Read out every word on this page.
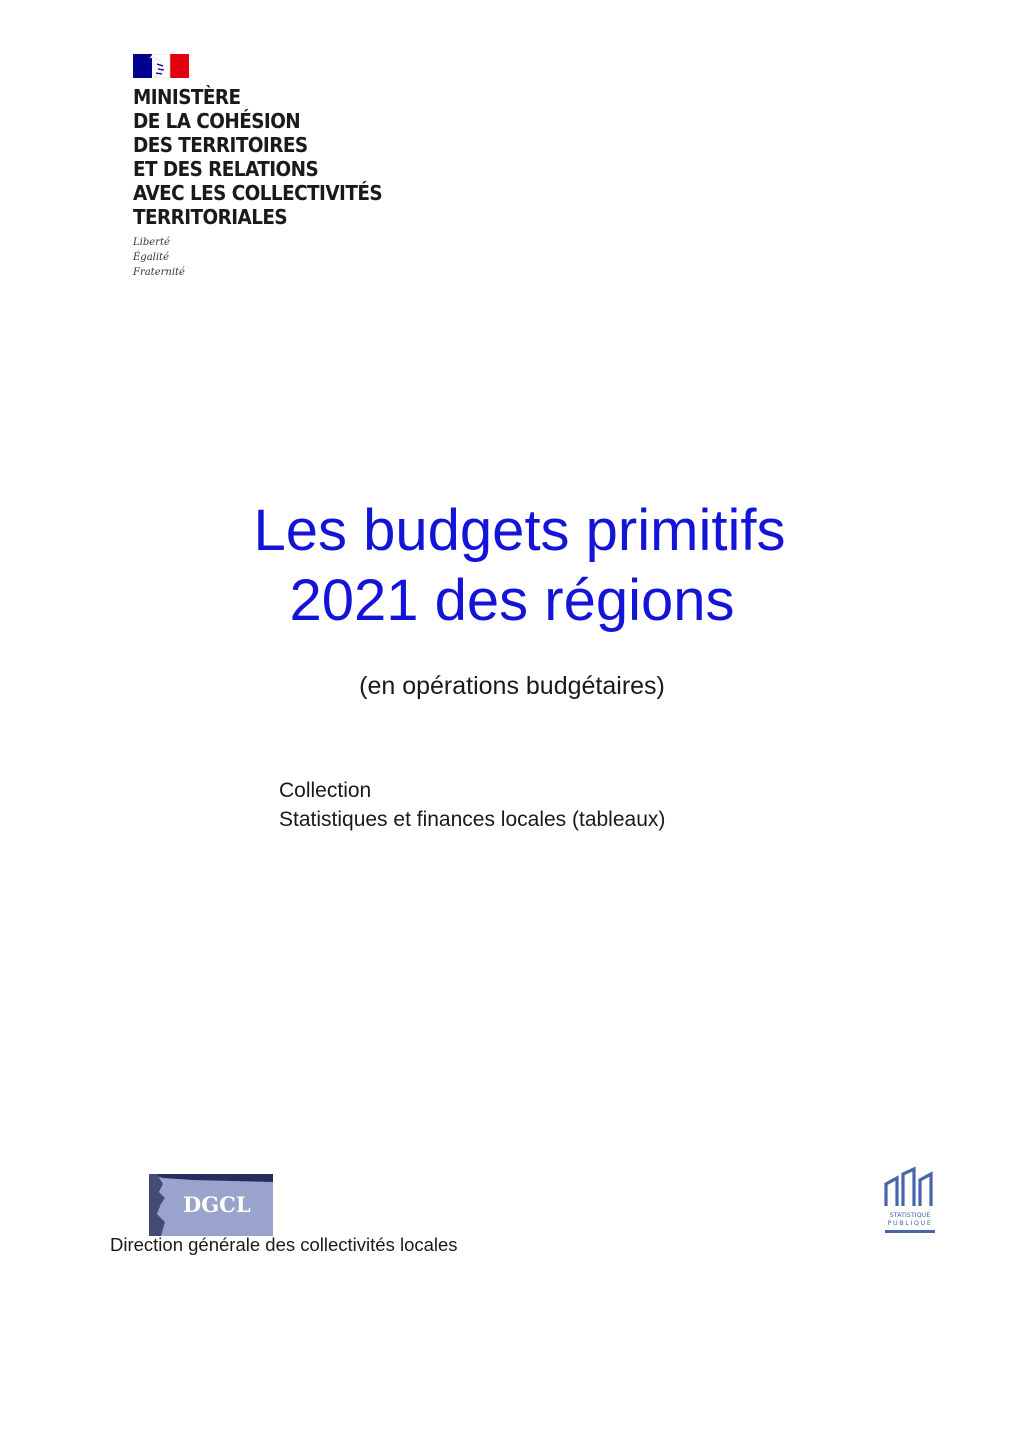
MINISTÈRE
DE LA COHÉSION
DES TERRITOIRES
ET DES RELATIONS
AVEC LES COLLECTIVITÉS
TERRITORIALES
Liberté
Égalité
Fraternité
Les budgets primitifs
2021 des régions
(en opérations budgétaires)
Collection
Statistiques et finances locales (tableaux)
DGCL
Direction générale des collectivités locales
STATISTIQUE
PUBLIQUE
